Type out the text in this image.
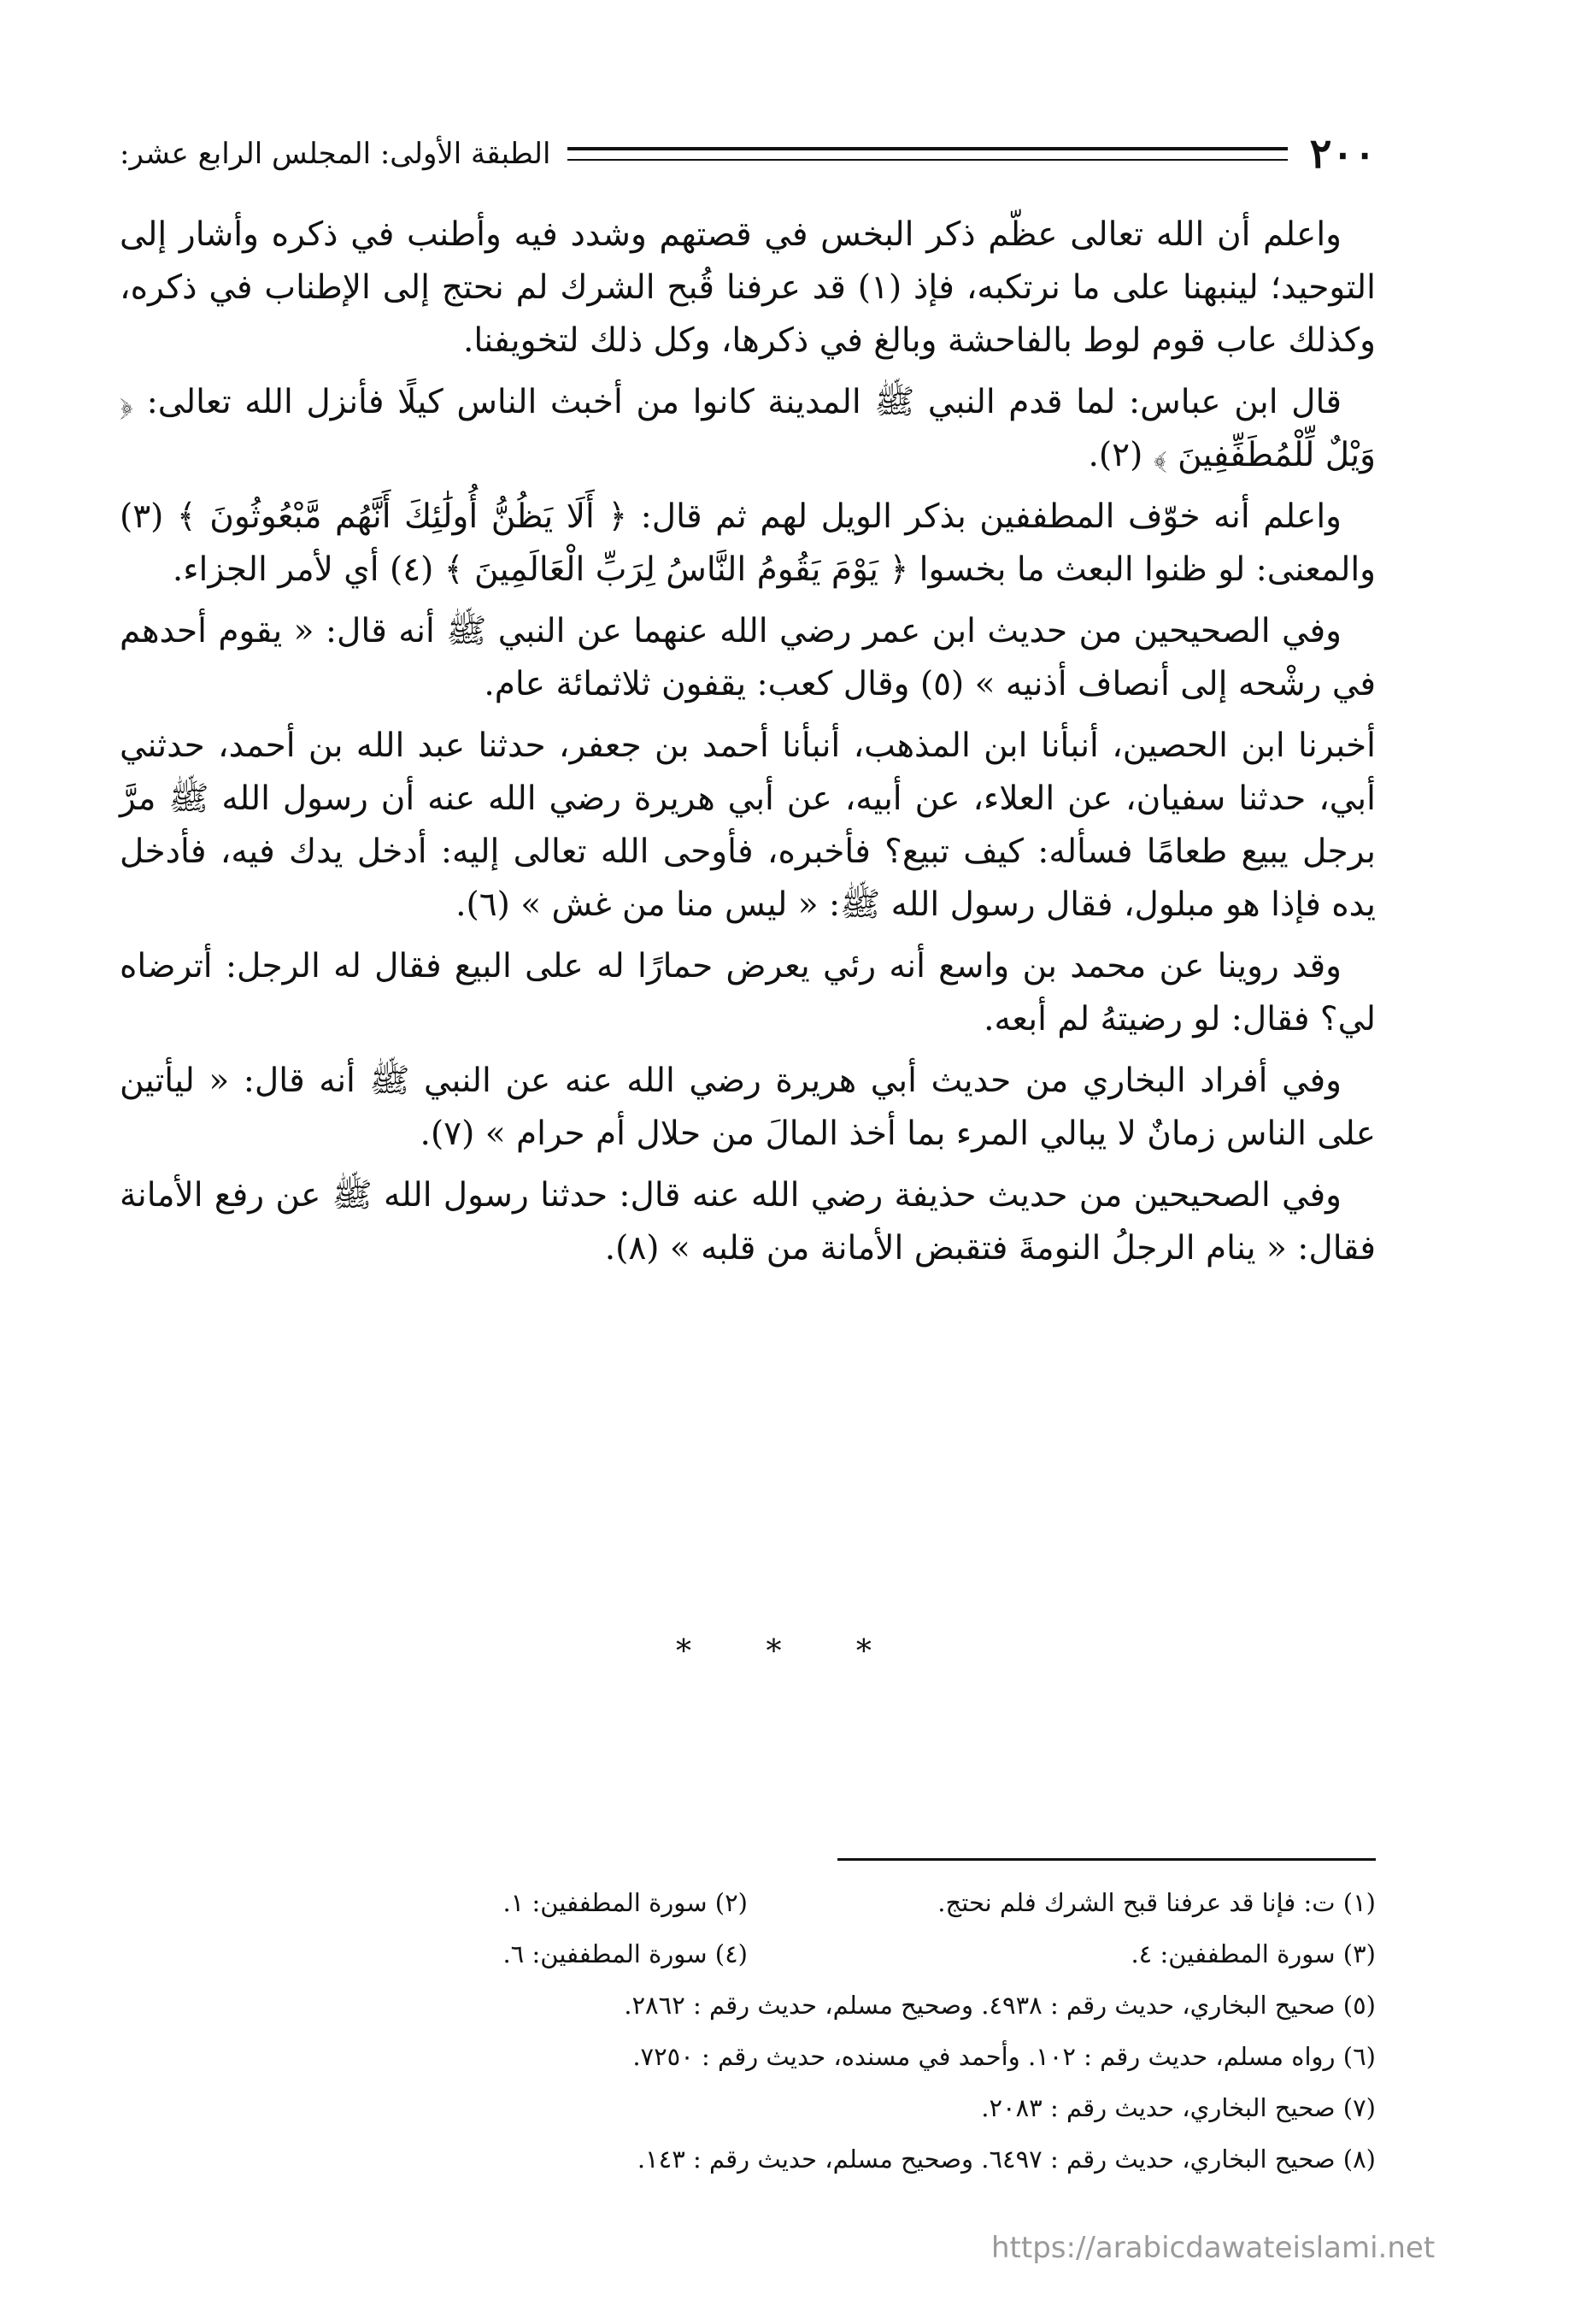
٢٠٠
الطبقة الأولى: المجلس الرابع عشر:

واعلم أن الله تعالى عظّم ذكر البخس في قصتهم وشدد فيه وأطنب في ذكره وأشار إلى التوحيد؛ لينبهنا على ما نرتكبه، فإذ (١) قد عرفنا قُبح الشرك لم نحتج إلى الإطناب في ذكره، وكذلك عاب قوم لوط بالفاحشة وبالغ في ذكرها، وكل ذلك لتخويفنا.

قال ابن عباس: لما قدم النبي ﷺ المدينة كانوا من أخبث الناس كيلًا فأنزل الله تعالى: ﴿ وَيْلٌ لِّلْمُطَفِّفِينَ ﴾ (٢).

واعلم أنه خوّف المطففين بذكر الويل لهم ثم قال: ﴿ أَلَا يَظُنُّ أُولَٰئِكَ أَنَّهُم مَّبْعُوثُونَ ﴾ (٣) والمعنى: لو ظنوا البعث ما بخسوا ﴿ يَوْمَ يَقُومُ النَّاسُ لِرَبِّ الْعَالَمِينَ ﴾ (٤) أي لأمر الجزاء.

وفي الصحيحين من حديث ابن عمر رضي الله عنهما عن النبي ﷺ أنه قال: « يقوم أحدهم في رشْحه إلى أنصاف أذنيه » (٥) وقال كعب: يقفون ثلاثمائة عام.

أخبرنا ابن الحصين، أنبأنا ابن المذهب، أنبأنا أحمد بن جعفر، حدثنا عبد الله بن أحمد، حدثني أبي، حدثنا سفيان، عن العلاء، عن أبيه، عن أبي هريرة رضي الله عنه أن رسول الله ﷺ مرَّ برجل يبيع طعامًا فسأله: كيف تبيع؟ فأخبره، فأوحى الله تعالى إليه: أدخل يدك فيه، فأدخل يده فإذا هو مبلول، فقال رسول الله ﷺ: « ليس منا من غش » (٦).

وقد روينا عن محمد بن واسع أنه رئي يعرض حمارًا له على البيع فقال له الرجل: أترضاه لي؟ فقال: لو رضيتهُ لم أبعه.

وفي أفراد البخاري من حديث أبي هريرة رضي الله عنه عن النبي ﷺ أنه قال: « ليأتين على الناس زمانٌ لا يبالي المرء بما أخذ المالَ من حلال أم حرام » (٧).

وفي الصحيحين من حديث حذيفة رضي الله عنه قال: حدثنا رسول الله ﷺ عن رفع الأمانة فقال: « ينام الرجلُ النومةَ فتقبض الأمانة من قلبه » (٨).

* * *
(١) ت: فإنا قد عرفنا قبح الشرك فلم نحتج.
(٢) سورة المطففين: ١.
(٣) سورة المطففين: ٤.
(٤) سورة المطففين: ٦.
(٥) صحيح البخاري، حديث رقم : ٤٩٣٨. وصحيح مسلم، حديث رقم : ٢٨٦٢.
(٦) رواه مسلم، حديث رقم : ١٠٢. وأحمد في مسنده، حديث رقم : ٧٢٥٠.
(٧) صحيح البخاري، حديث رقم : ٢٠٨٣.
(٨) صحيح البخاري، حديث رقم : ٦٤٩٧. وصحيح مسلم، حديث رقم : ١٤٣.
https://arabicdawateislami.net
